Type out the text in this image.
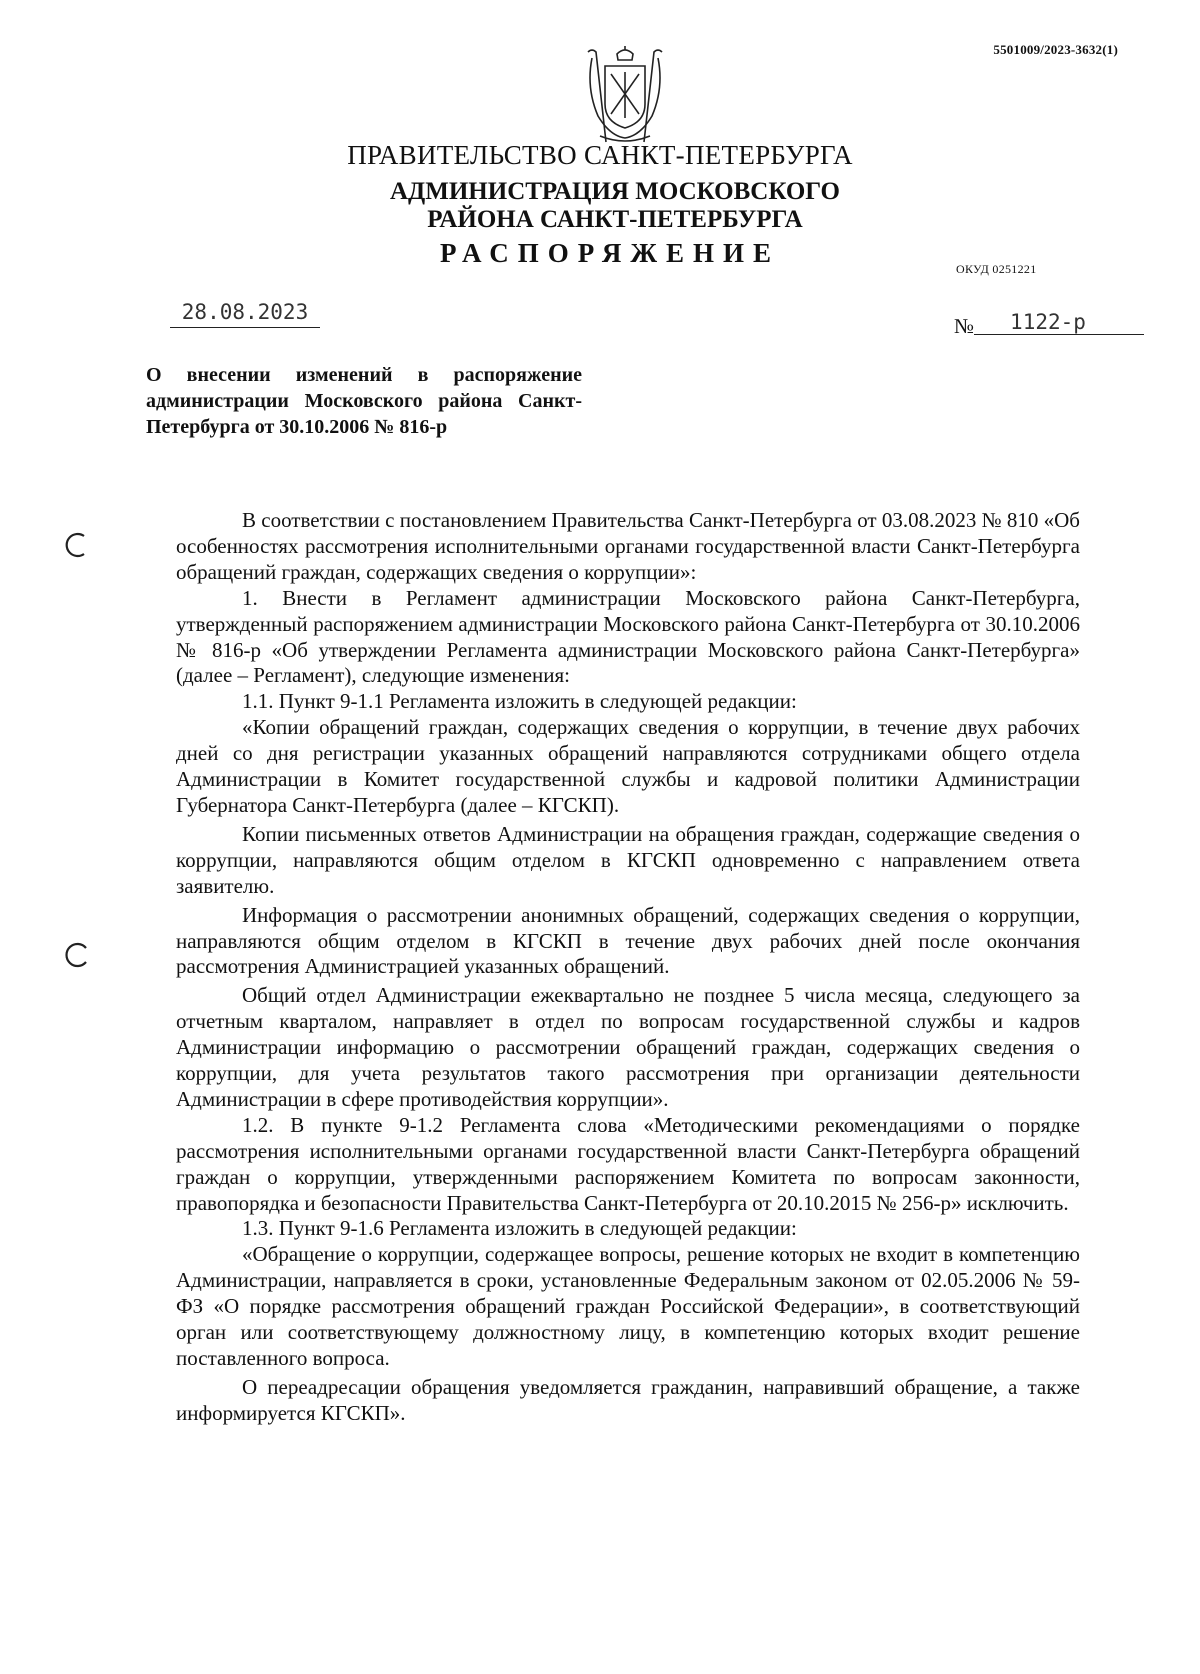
5501009/2023-3632(1)
ПРАВИТЕЛЬСТВО САНКТ-ПЕТЕРБУРГА
АДМИНИСТРАЦИЯ МОСКОВСКОГО
РАЙОНА САНКТ-ПЕТЕРБУРГА
РАСПОРЯЖЕНИЕ
ОКУД 0251221
28.08.2023
№ 1122-р
О внесении изменений в распоряжение администрации Московского района Санкт-Петербурга от 30.10.2006 № 816-р

В соответствии с постановлением Правительства Санкт-Петербурга от 03.08.2023 № 810 «Об особенностях рассмотрения исполнительными органами государственной власти Санкт-Петербурга обращений граждан, содержащих сведения о коррупции»:

1. Внести в Регламент администрации Московского района Санкт-Петербурга, утвержденный распоряжением администрации Московского района Санкт-Петербурга от 30.10.2006 № 816-р «Об утверждении Регламента администрации Московского района Санкт-Петербурга» (далее – Регламент), следующие изменения:

1.1. Пункт 9-1.1 Регламента изложить в следующей редакции:

«Копии обращений граждан, содержащих сведения о коррупции, в течение двух рабочих дней со дня регистрации указанных обращений направляются сотрудниками общего отдела Администрации в Комитет государственной службы и кадровой политики Администрации Губернатора Санкт-Петербурга (далее – КГСКП).

Копии письменных ответов Администрации на обращения граждан, содержащие сведения о коррупции, направляются общим отделом в КГСКП одновременно с направлением ответа заявителю.

Информация о рассмотрении анонимных обращений, содержащих сведения о коррупции, направляются общим отделом в КГСКП в течение двух рабочих дней после окончания рассмотрения Администрацией указанных обращений.

Общий отдел Администрации ежеквартально не позднее 5 числа месяца, следующего за отчетным кварталом, направляет в отдел по вопросам государственной службы и кадров Администрации информацию о рассмотрении обращений граждан, содержащих сведения о коррупции, для учета результатов такого рассмотрения при организации деятельности Администрации в сфере противодействия коррупции».

1.2. В пункте 9-1.2 Регламента слова «Методическими рекомендациями о порядке рассмотрения исполнительными органами государственной власти Санкт-Петербурга обращений граждан о коррупции, утвержденными распоряжением Комитета по вопросам законности, правопорядка и безопасности Правительства Санкт-Петербурга от 20.10.2015 № 256-р» исключить.

1.3. Пункт 9-1.6 Регламента изложить в следующей редакции:

«Обращение о коррупции, содержащее вопросы, решение которых не входит в компетенцию Администрации, направляется в сроки, установленные Федеральным законом от 02.05.2006 № 59-ФЗ «О порядке рассмотрения обращений граждан Российской Федерации», в соответствующий орган или соответствующему должностному лицу, в компетенцию которых входит решение поставленного вопроса.

О переадресации обращения уведомляется гражданин, направивший обращение, а также информируется КГСКП».
